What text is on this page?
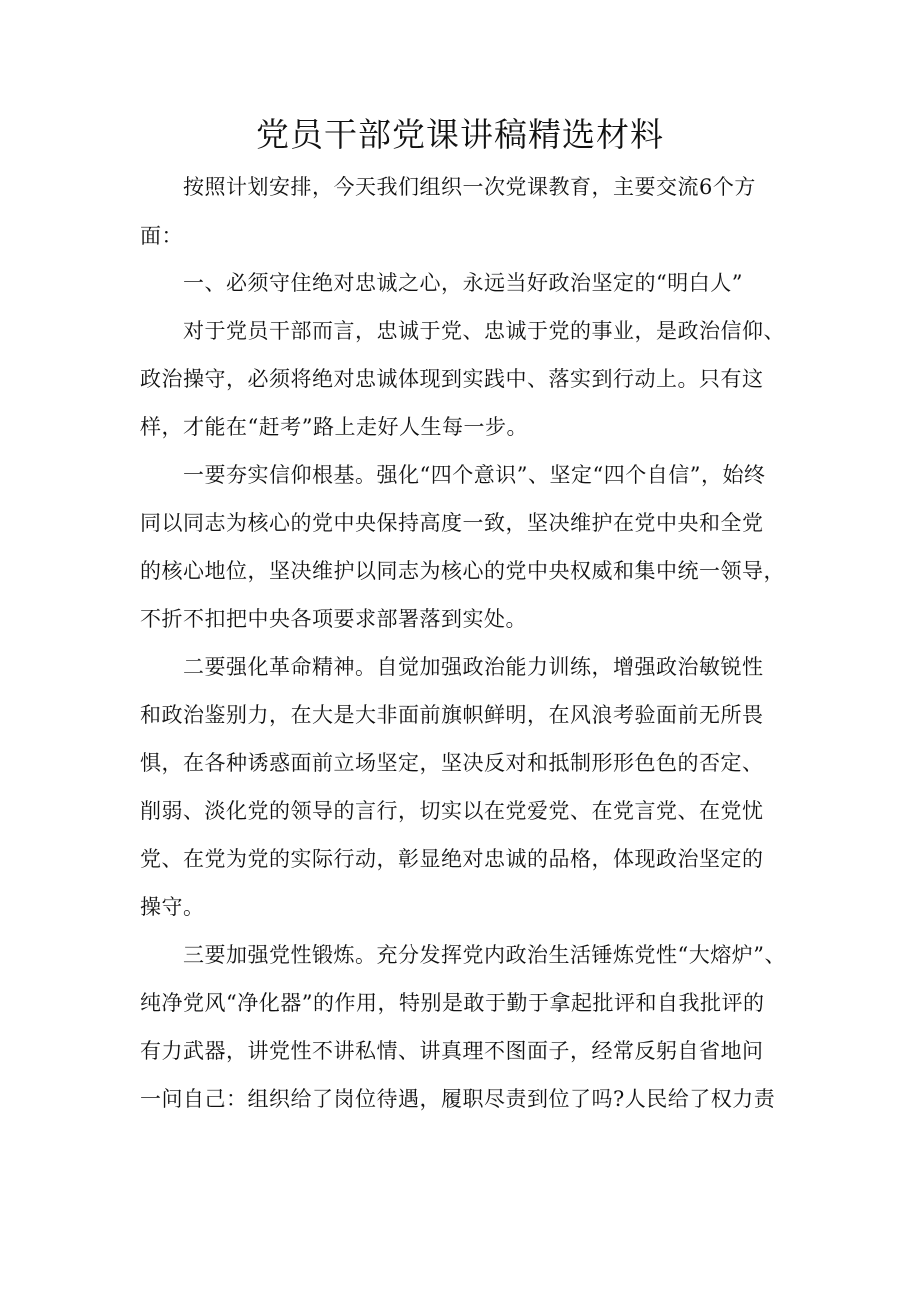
党员干部党课讲稿精选材料
按照计划安排，今天我们组织一次党课教育，主要交流6个方
面：
一、必须守住绝对忠诚之心，永远当好政治坚定的“明白人”
对于党员干部而言，忠诚于党、忠诚于党的事业，是政治信仰、
政治操守，必须将绝对忠诚体现到实践中、落实到行动上。只有这
样，才能在“赶考”路上走好人生每一步。
一要夯实信仰根基。强化“四个意识”、坚定“四个自信”，始终
同以同志为核心的党中央保持高度一致，坚决维护在党中央和全党
的核心地位，坚决维护以同志为核心的党中央权威和集中统一领导，
不折不扣把中央各项要求部署落到实处。
二要强化革命精神。自觉加强政治能力训练，增强政治敏锐性
和政治鉴别力，在大是大非面前旗帜鲜明，在风浪考验面前无所畏
惧，在各种诱惑面前立场坚定，坚决反对和抵制形形色色的否定、
削弱、淡化党的领导的言行，切实以在党爱党、在党言党、在党忧
党、在党为党的实际行动，彰显绝对忠诚的品格，体现政治坚定的
操守。
三要加强党性锻炼。充分发挥党内政治生活锤炼党性“大熔炉”、
纯净党风“净化器”的作用，特别是敢于勤于拿起批评和自我批评的
有力武器，讲党性不讲私情、讲真理不图面子，经常反躬自省地问
一问自己：组织给了岗位待遇，履职尽责到位了吗?人民给了权力责
